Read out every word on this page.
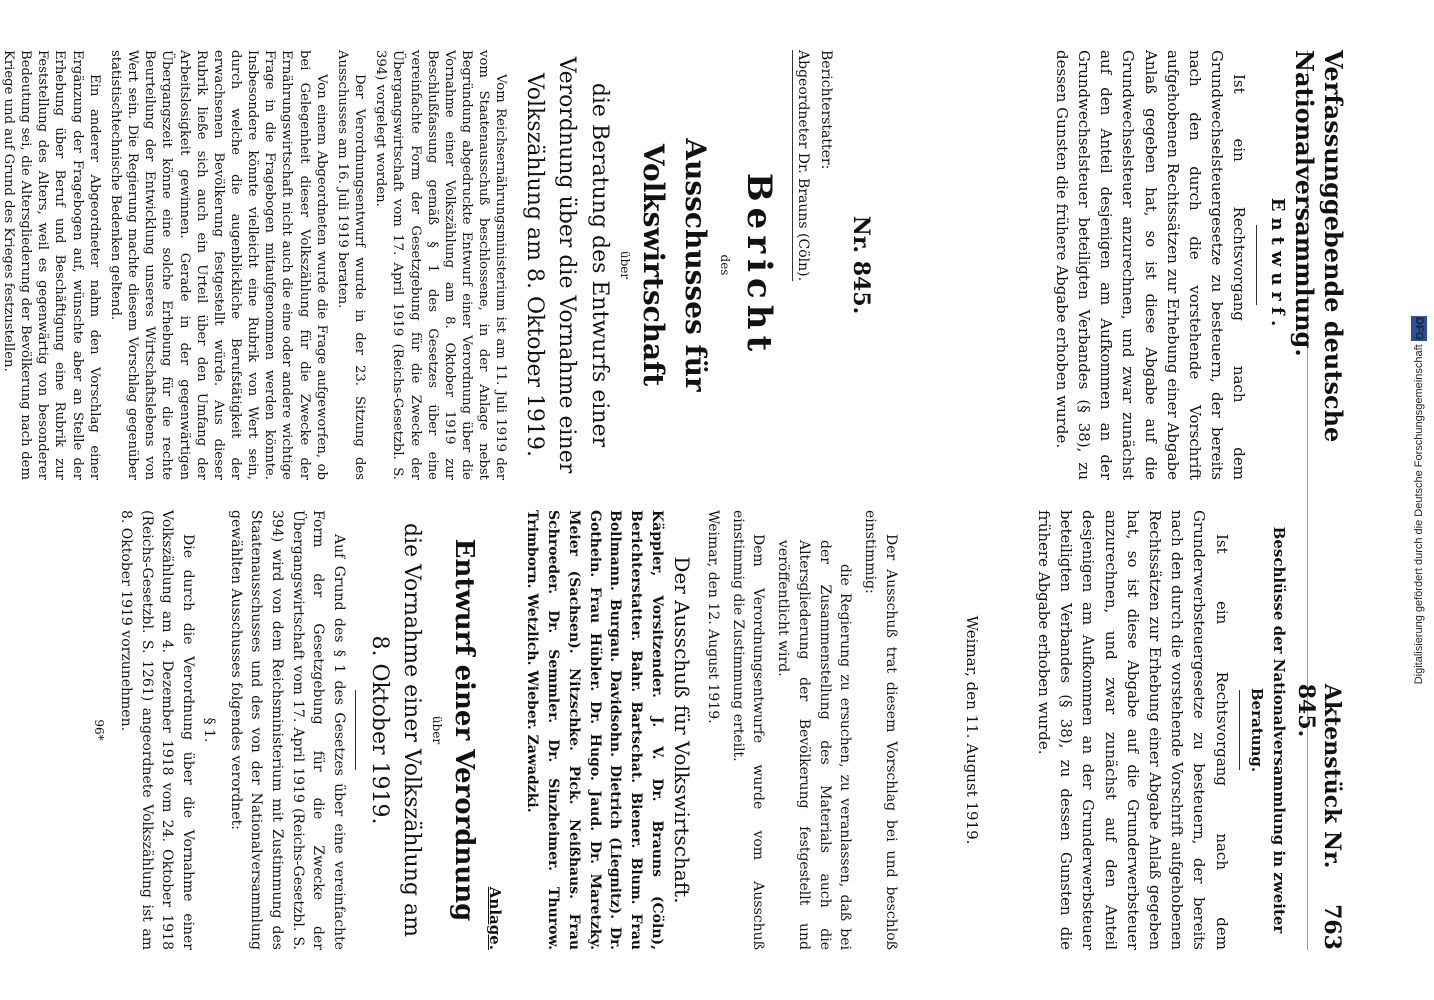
Verfassunggebende deutsche Nationalversammlung.
Aktenstück Nr. 845.
763
Entwurf.

Ist ein Rechtsvorgang nach dem Grundwechselsteuergesetze zu besteuern, der bereits nach den durch die vorstehende Vorschrift aufgehobenen Rechtssätzen zur Erhebung einer Abgabe Anlaß gegeben hat, so ist diese Abgabe auf die Grundwechselsteuer anzurechnen, und zwar zunächst auf den Anteil desjenigen am Aufkommen an der Grundwechselsteuer beteiligten Verbandes (§ 38), zu dessen Gunsten die frühere Abgabe erhoben wurde.

Nr. 845.
Berichterstatter:
Abgeordneter Dr. Brauns (Cöln).
Bericht
des
Ausschusses für Volkswirtschaft
über
die Beratung des Entwurfs einer Verordnung über die Vornahme einer Volkszählung am 8. Oktober 1919.

Vom Reichsernährungsministerium ist am 11. Juli 1919 der vom Staatenausschuß beschlossene, in der Anlage nebst Begründung abgedruckte Entwurf einer Verordnung über die Vornahme einer Volkszählung am 8. Oktober 1919 zur Beschlußfassung gemäß § 1 des Gesetzes über eine vereinfachte Form der Gesetzgebung für die Zwecke der Übergangswirtschaft vom 17. April 1919 (Reichs-Gesetzbl. S. 394) vorgelegt worden.

Der Verordnungsentwurf wurde in der 23. Sitzung des Ausschusses am 16. Juli 1919 beraten.

Von einem Abgeordneten wurde die Frage aufgeworfen, ob bei Gelegenheit dieser Volkszählung für die Zwecke der Ernährungswirtschaft nicht auch die eine oder andere wichtige Frage in die Fragebogen mitaufgenommen werden könnte. Insbesondere könnte vielleicht eine Rubrik von Wert sein, durch welche die augenblickliche Berufstätigkeit der erwachsenen Bevölkerung festgestellt würde. Aus dieser Rubrik ließe sich auch ein Urteil über den Umfang der Arbeitslosigkeit gewinnen. Gerade in der gegenwärtigen Übergangszeit könne eine solche Erhebung für die rechte Beurteilung der Entwicklung unseres Wirtschaftslebens von Wert sein. Die Regierung machte diesem Vorschlag gegenüber statistischtechnische Bedenken geltend.

Ein anderer Abgeordneter nahm den Vorschlag einer Ergänzung der Fragebogen auf, wünschte aber an Stelle der Erhebung über Beruf und Beschäftigung eine Rubrik zur Feststellung des Alters, weil es gegenwärtig von besonderer Bedeutung sei, die Altersgliederung der Bevölkerung nach dem Kriege und auf Grund des Krieges festzustellen.

Beschlüsse der Nationalversammlung in zweiter Beratung.

Ist ein Rechtsvorgang nach dem Grunderwerbsteuergesetze zu besteuern, der bereits nach den durch die vorstehende Vorschrift aufgehobenen Rechtssätzen zur Erhebung einer Abgabe Anlaß gegeben hat, so ist diese Abgabe auf die Grunderwerbsteuer anzurechnen, und zwar zunächst auf den Anteil desjenigen am Aufkommen an der Grunderwerbsteuer beteiligten Verbandes (§ 38), zu dessen Gunsten die frühere Abgabe erhoben wurde.

Weimar, den 11. August 1919.

Der Ausschuß trat diesem Vorschlag bei und beschloß einstimmig:

die Regierung zu ersuchen, zu veranlassen, daß bei der Zusammenstellung des Materials auch die Altersgliederung der Bevölkerung festgestellt und veröffentlicht wird.

Dem Verordnungsentwurfe wurde vom Ausschuß einstimmig die Zustimmung erteilt.

Weimar, den 12. August 1919.
Der Ausschuß für Volkswirtschaft.

Käppler, Vorsitzender. J. V. Dr. Brauns (Cöln), Berichterstatter. Bahr. Bartschat. Biener. Blum. Frau Bollmann. Burgau. Davidsohn. Dietrich (Liegnitz). Dr. Gothein. Frau Hübler. Dr. Hugo. Jaud. Dr. Maretzky. Meier (Sachsen). Nitzschke. Pick. Neißhaus. Frau Schroeder. Dr. Semmler. Dr. Sinzheimer. Thurow. Trimborn. Wetzlich. Wieber. Zawadzki.

Anlage.
Entwurf einer Verordnung
über
die Vornahme einer Volkszählung am 8. Oktober 1919.

Auf Grund des § 1 des Gesetzes über eine vereinfachte Form der Gesetzgebung für die Zwecke der Übergangswirtschaft vom 17. April 1919 (Reichs-Gesetzbl. S. 394) wird von dem Reichsministerium mit Zustimmung des Staatenausschusses und des von der Nationalversammlung gewählten Ausschusses folgendes verordnet:

§ 1.

Die durch die Verordnung über die Vornahme einer Volkszählung am 4. Dezember 1918 vom 24. Oktober 1918 (Reichs-Gesetzbl. S. 1261) angeordnete Volkszählung ist am 8. Oktober 1919 vorzunehmen.

96*
Digitalisierung gefördert durch die Deutsche Forschungsgemeinschaft DFG
